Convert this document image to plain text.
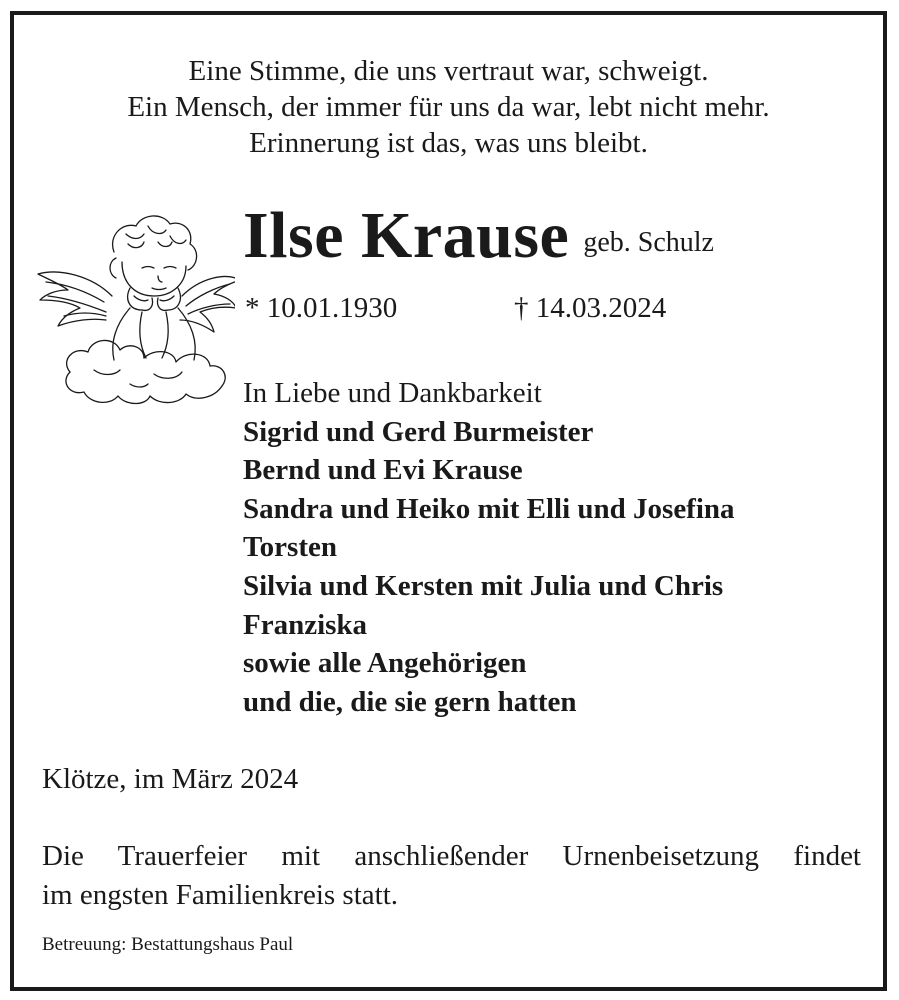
Eine Stimme, die uns vertraut war, schweigt.
Ein Mensch, der immer für uns da war, lebt nicht mehr.
Erinnerung ist das, was uns bleibt.
Ilse Krause geb. Schulz
* 10.01.1930	† 14.03.2024
In Liebe und Dankbarkeit
Sigrid und Gerd Burmeister
Bernd und Evi Krause
Sandra und Heiko mit Elli und Josefina
Torsten
Silvia und Kersten mit Julia und Chris
Franziska
sowie alle Angehörigen
und die, die sie gern hatten
Klötze, im März 2024
Die Trauerfeier mit anschließender Urnenbeisetzung findet
im engsten Familienkreis statt.
Betreuung: Bestattungshaus Paul
